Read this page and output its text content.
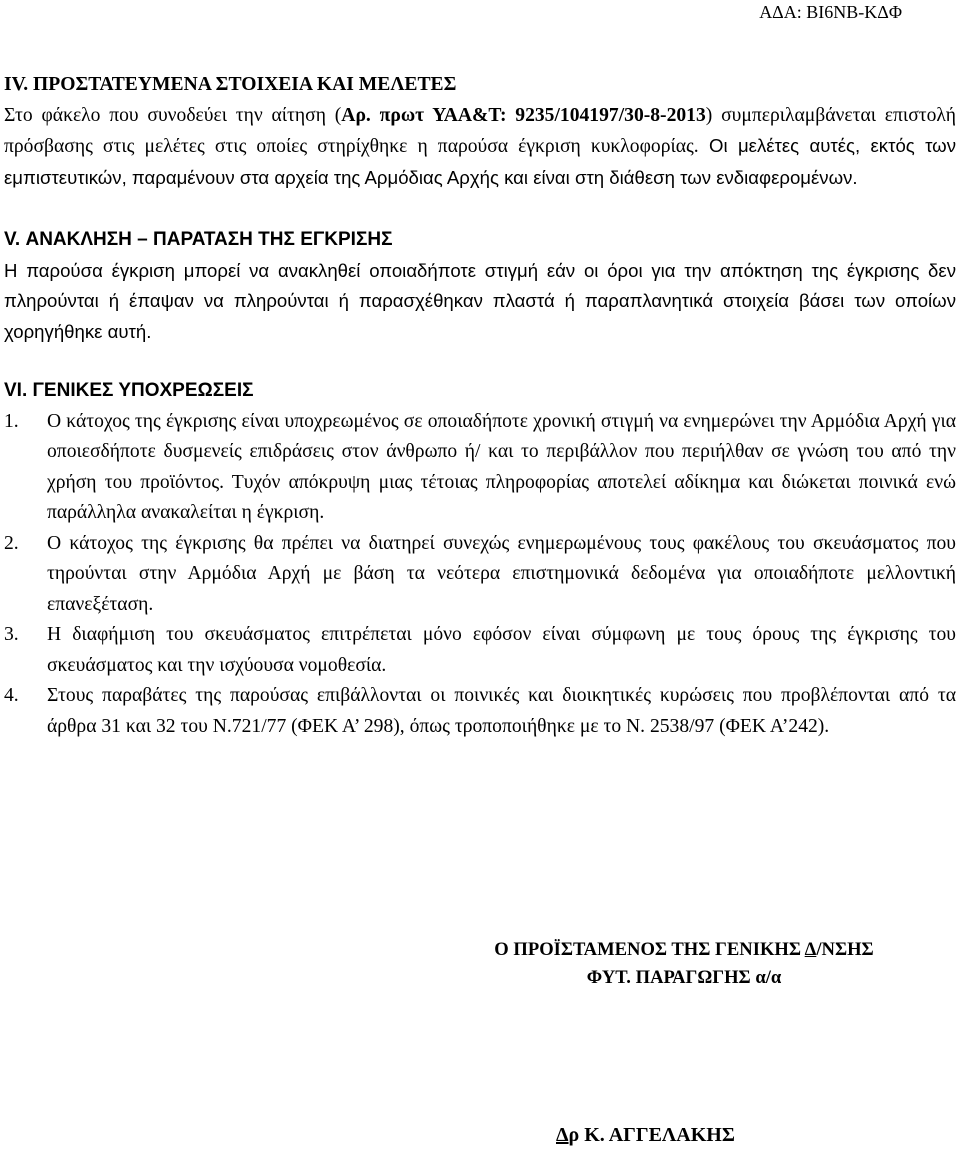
ΑΔΑ: ΒΙ6ΝΒ-ΚΔΦ

IV. ΠΡΟΣΤΑΤΕΥΜΕΝΑ ΣΤΟΙΧΕΙΑ ΚΑΙ ΜΕΛΕΤΕΣ

Στο φάκελο που συνοδεύει την αίτηση (Αρ. πρωτ ΥΑΑ&Τ: 9235/104197/30-8-2013) συμπεριλαμβάνεται επιστολή πρόσβασης στις μελέτες στις οποίες στηρίχθηκε η παρούσα έγκριση κυκλοφορίας. Οι μελέτες αυτές, εκτός των εμπιστευτικών, παραμένουν στα αρχεία της Αρμόδιας Αρχής και είναι στη διάθεση των ενδιαφερομένων.

V. ΑΝΑΚΛΗΣΗ – ΠΑΡΑΤΑΣΗ ΤΗΣ ΕΓΚΡΙΣΗΣ

Η παρούσα έγκριση μπορεί να ανακληθεί οποιαδήποτε στιγμή εάν οι όροι για την απόκτηση της έγκρισης δεν πληρούνται ή έπαψαν να πληρούνται ή παρασχέθηκαν πλαστά ή παραπλανητικά στοιχεία βάσει των οποίων χορηγήθηκε αυτή.

VI. ΓΕΝΙΚΕΣ ΥΠΟΧΡΕΩΣΕΙΣ

1. Ο κάτοχος της έγκρισης είναι υποχρεωμένος σε οποιαδήποτε χρονική στιγμή να ενημερώνει την Αρμόδια Αρχή για οποιεσδήποτε δυσμενείς επιδράσεις στον άνθρωπο ή/ και το περιβάλλον που περιήλθαν σε γνώση του από την χρήση του προϊόντος. Τυχόν απόκρυψη μιας τέτοιας πληροφορίας αποτελεί αδίκημα και διώκεται ποινικά ενώ παράλληλα ανακαλείται η έγκριση.
2. Ο κάτοχος της έγκρισης θα πρέπει να διατηρεί συνεχώς ενημερωμένους τους φακέλους του σκευάσματος που τηρούνται στην Αρμόδια Αρχή με βάση τα νεότερα επιστημονικά δεδομένα για οποιαδήποτε μελλοντική επανεξέταση.
3. Η διαφήμιση του σκευάσματος επιτρέπεται μόνο εφόσον είναι σύμφωνη με τους όρους της έγκρισης του σκευάσματος και την ισχύουσα νομοθεσία.
4. Στους παραβάτες της παρούσας επιβάλλονται οι ποινικές και διοικητικές κυρώσεις που προβλέπονται από τα άρθρα 31 και 32 του Ν.721/77 (ΦΕΚ Α’ 298), όπως τροποποιήθηκε με το Ν. 2538/97 (ΦΕΚ Α’242).
Ο ΠΡΟΪΣΤΑΜΕΝΟΣ ΤΗΣ ΓΕΝΙΚΗΣ Δ/ΝΣΗΣ
ΦΥΤ. ΠΑΡΑΓΩΓΗΣ α/α
Δρ Κ. ΑΓΓΕΛΑΚΗΣ
